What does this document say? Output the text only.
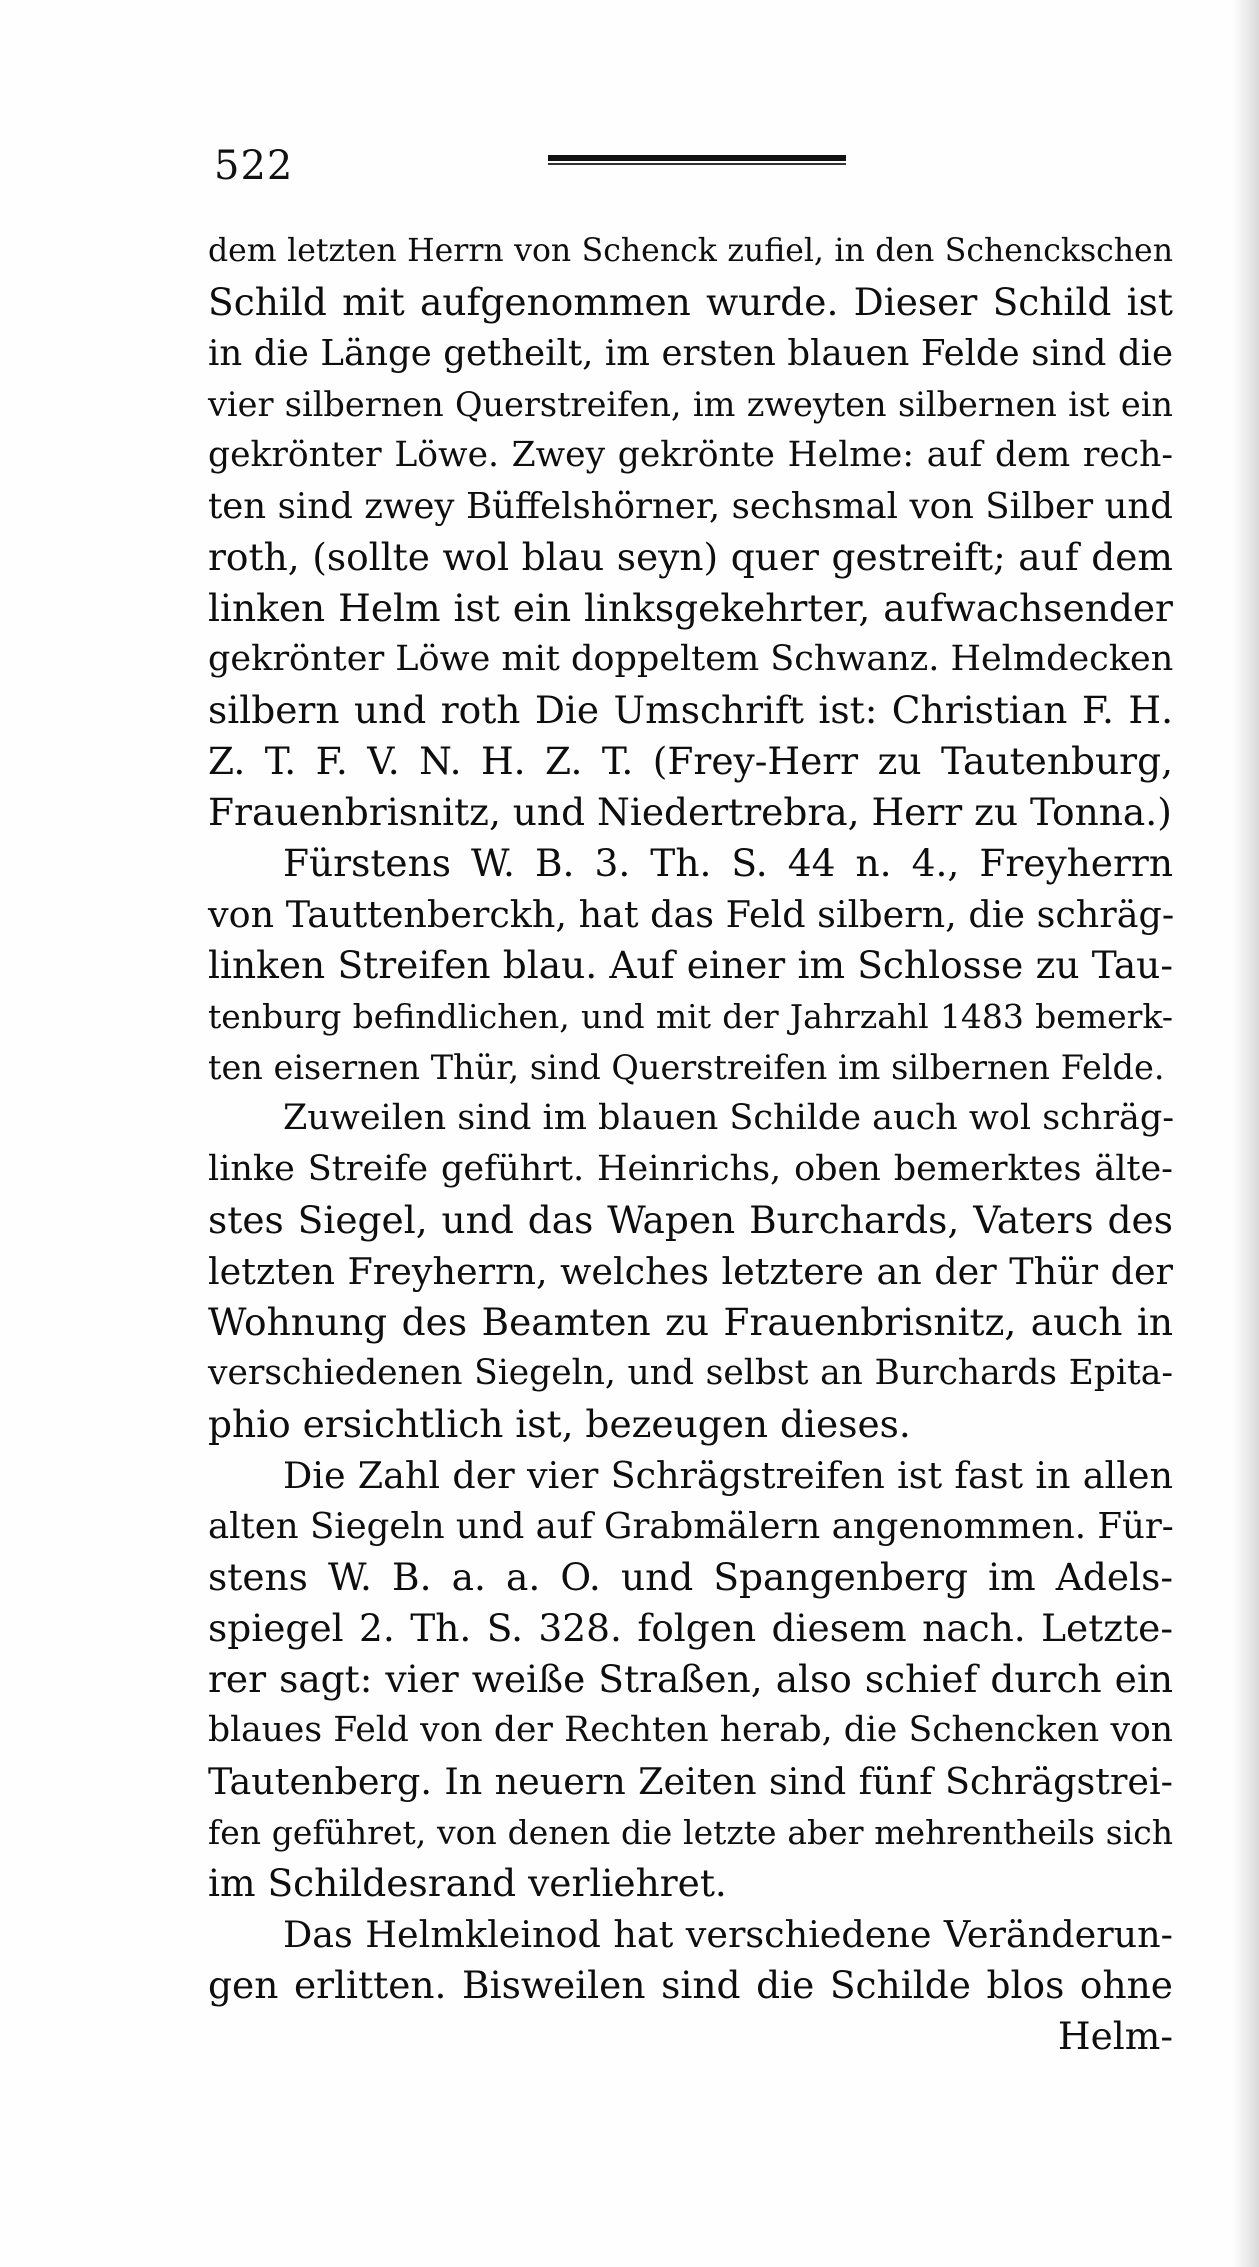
522
dem letzten Herrn von Schenck zufiel, in den Schenckschen
Schild mit aufgenommen wurde. Dieser Schild ist
in die Länge getheilt, im ersten blauen Felde sind die
vier silbernen Querstreifen, im zweyten silbernen ist ein
gekrönter Löwe. Zwey gekrönte Helme: auf dem rech-
ten sind zwey Büffelshörner, sechsmal von Silber und
roth, (sollte wol blau seyn) quer gestreift; auf dem
linken Helm ist ein linksgekehrter, aufwachsender
gekrönter Löwe mit doppeltem Schwanz. Helmdecken
silbern und roth Die Umschrift ist: Christian F. H.
Z. T. F. V. N. H. Z. T. (Frey-Herr zu Tautenburg,
Frauenbrisnitz, und Niedertrebra, Herr zu Tonna.)
Fürstens W. B. 3. Th. S. 44 n. 4., Freyherrn
von Tauttenberckh, hat das Feld silbern, die schräg-
linken Streifen blau. Auf einer im Schlosse zu Tau-
tenburg befindlichen, und mit der Jahrzahl 1483 bemerk-
ten eisernen Thür, sind Querstreifen im silbernen Felde.
Zuweilen sind im blauen Schilde auch wol schräg-
linke Streife geführt. Heinrichs, oben bemerktes älte-
stes Siegel, und das Wapen Burchards, Vaters des
letzten Freyherrn, welches letztere an der Thür der
Wohnung des Beamten zu Frauenbrisnitz, auch in
verschiedenen Siegeln, und selbst an Burchards Epita-
phio ersichtlich ist, bezeugen dieses.
Die Zahl der vier Schrägstreifen ist fast in allen
alten Siegeln und auf Grabmälern angenommen. Für-
stens W. B. a. a. O. und Spangenberg im Adels-
spiegel 2. Th. S. 328. folgen diesem nach. Letzte-
rer sagt: vier weiße Straßen, also schief durch ein
blaues Feld von der Rechten herab, die Schencken von
Tautenberg. In neuern Zeiten sind fünf Schrägstrei-
fen geführet, von denen die letzte aber mehrentheils sich
im Schildesrand verliehret.
Das Helmkleinod hat verschiedene Veränderun-
gen erlitten. Bisweilen sind die Schilde blos ohne
Helm-
